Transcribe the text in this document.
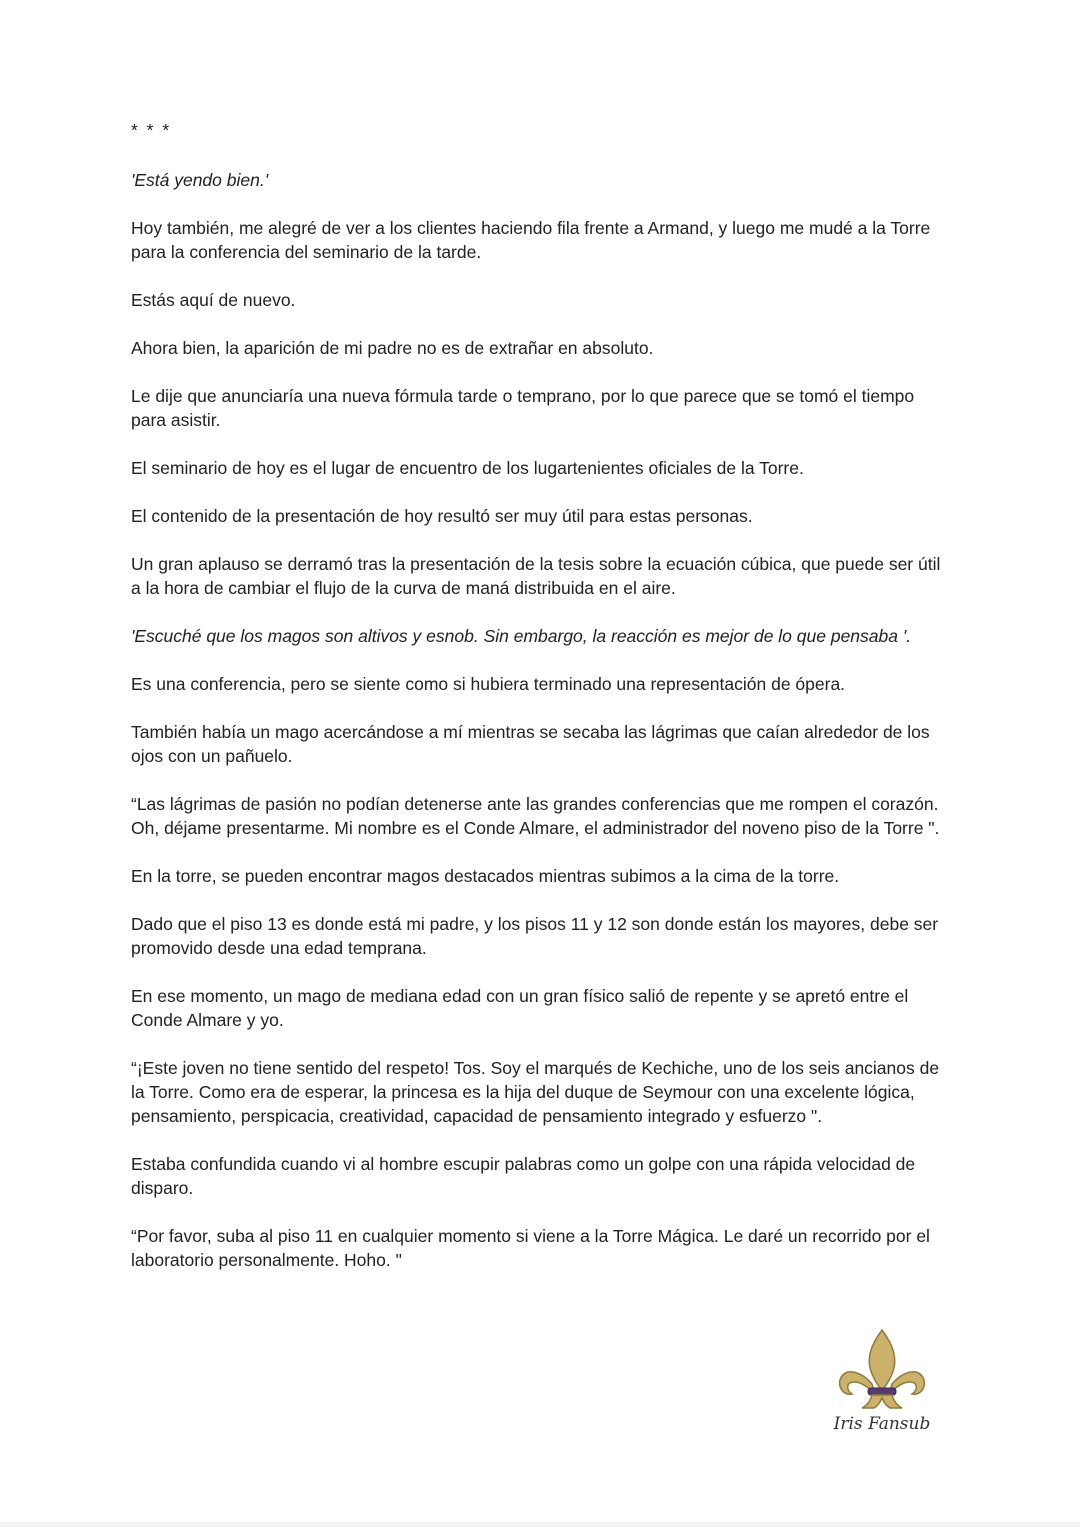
* * *

'Está yendo bien.'

Hoy también, me alegré de ver a los clientes haciendo fila frente a Armand, y luego me mudé a la Torre para la conferencia del seminario de la tarde.

Estás aquí de nuevo.

Ahora bien, la aparición de mi padre no es de extrañar en absoluto.

Le dije que anunciaría una nueva fórmula tarde o temprano, por lo que parece que se tomó el tiempo para asistir.

El seminario de hoy es el lugar de encuentro de los lugartenientes oficiales de la Torre.

El contenido de la presentación de hoy resultó ser muy útil para estas personas.

Un gran aplauso se derramó tras la presentación de la tesis sobre la ecuación cúbica, que puede ser útil a la hora de cambiar el flujo de la curva de maná distribuida en el aire.

'Escuché que los magos son altivos y esnob. Sin embargo, la reacción es mejor de lo que pensaba '.

Es una conferencia, pero se siente como si hubiera terminado una representación de ópera.

También había un mago acercándose a mí mientras se secaba las lágrimas que caían alrededor de los ojos con un pañuelo.

“Las lágrimas de pasión no podían detenerse ante las grandes conferencias que me rompen el corazón. Oh, déjame presentarme. Mi nombre es el Conde Almare, el administrador del noveno piso de la Torre ".

En la torre, se pueden encontrar magos destacados mientras subimos a la cima de la torre.

Dado que el piso 13 es donde está mi padre, y los pisos 11 y 12 son donde están los mayores, debe ser promovido desde una edad temprana.

En ese momento, un mago de mediana edad con un gran físico salió de repente y se apretó entre el Conde Almare y yo.

“¡Este joven no tiene sentido del respeto! Tos. Soy el marqués de Kechiche, uno de los seis ancianos de la Torre. Como era de esperar, la princesa es la hija del duque de Seymour con una excelente lógica, pensamiento, perspicacia, creatividad, capacidad de pensamiento integrado y esfuerzo ".

Estaba confundida cuando vi al hombre escupir palabras como un golpe con una rápida velocidad de disparo.

“Por favor, suba al piso 11 en cualquier momento si viene a la Torre Mágica. Le daré un recorrido por el laboratorio personalmente. Hoho. "

Iris Fansub
